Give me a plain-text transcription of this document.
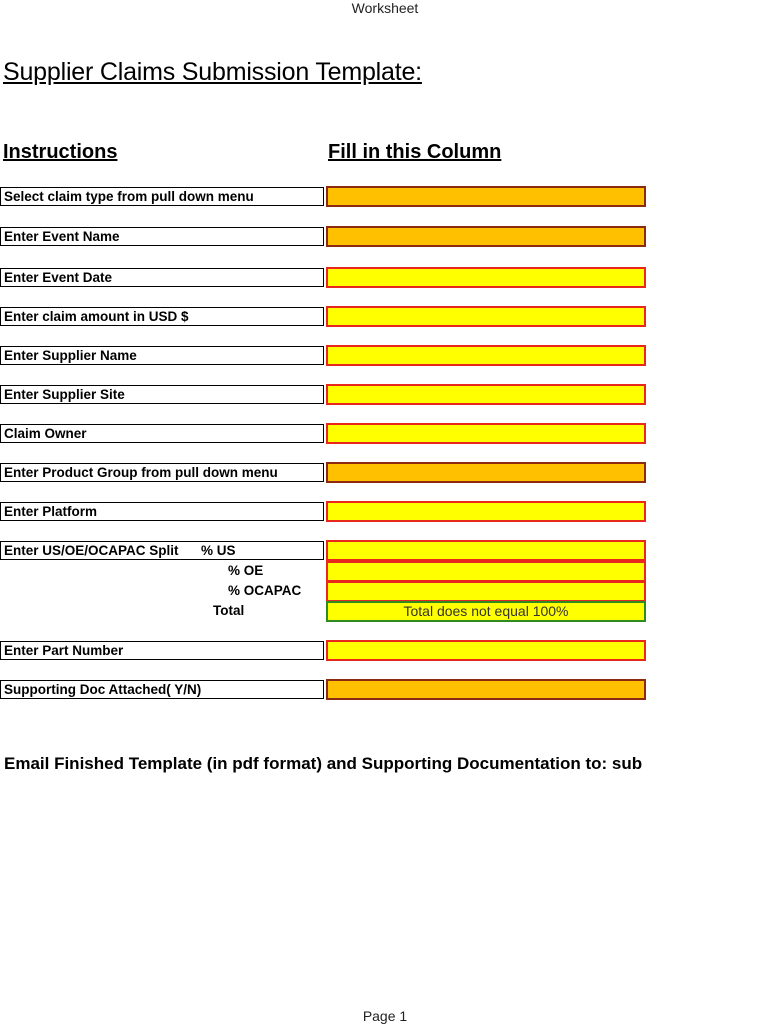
Worksheet
Supplier Claims Submission Template:
Instructions	Fill in this Column
Select claim type from pull down menu
Enter Event Name
Enter Event Date
Enter claim amount in USD $
Enter Supplier Name
Enter Supplier Site
Claim Owner
Enter Product Group from pull down menu
Enter Platform
Enter US/OE/OCAPAC Split % US
% OE
% OCAPAC
Total	Total does not equal 100%
Enter Part Number
Supporting Doc Attached( Y/N)
Email Finished Template (in pdf format) and Supporting Documentation to: sub
Page 1
